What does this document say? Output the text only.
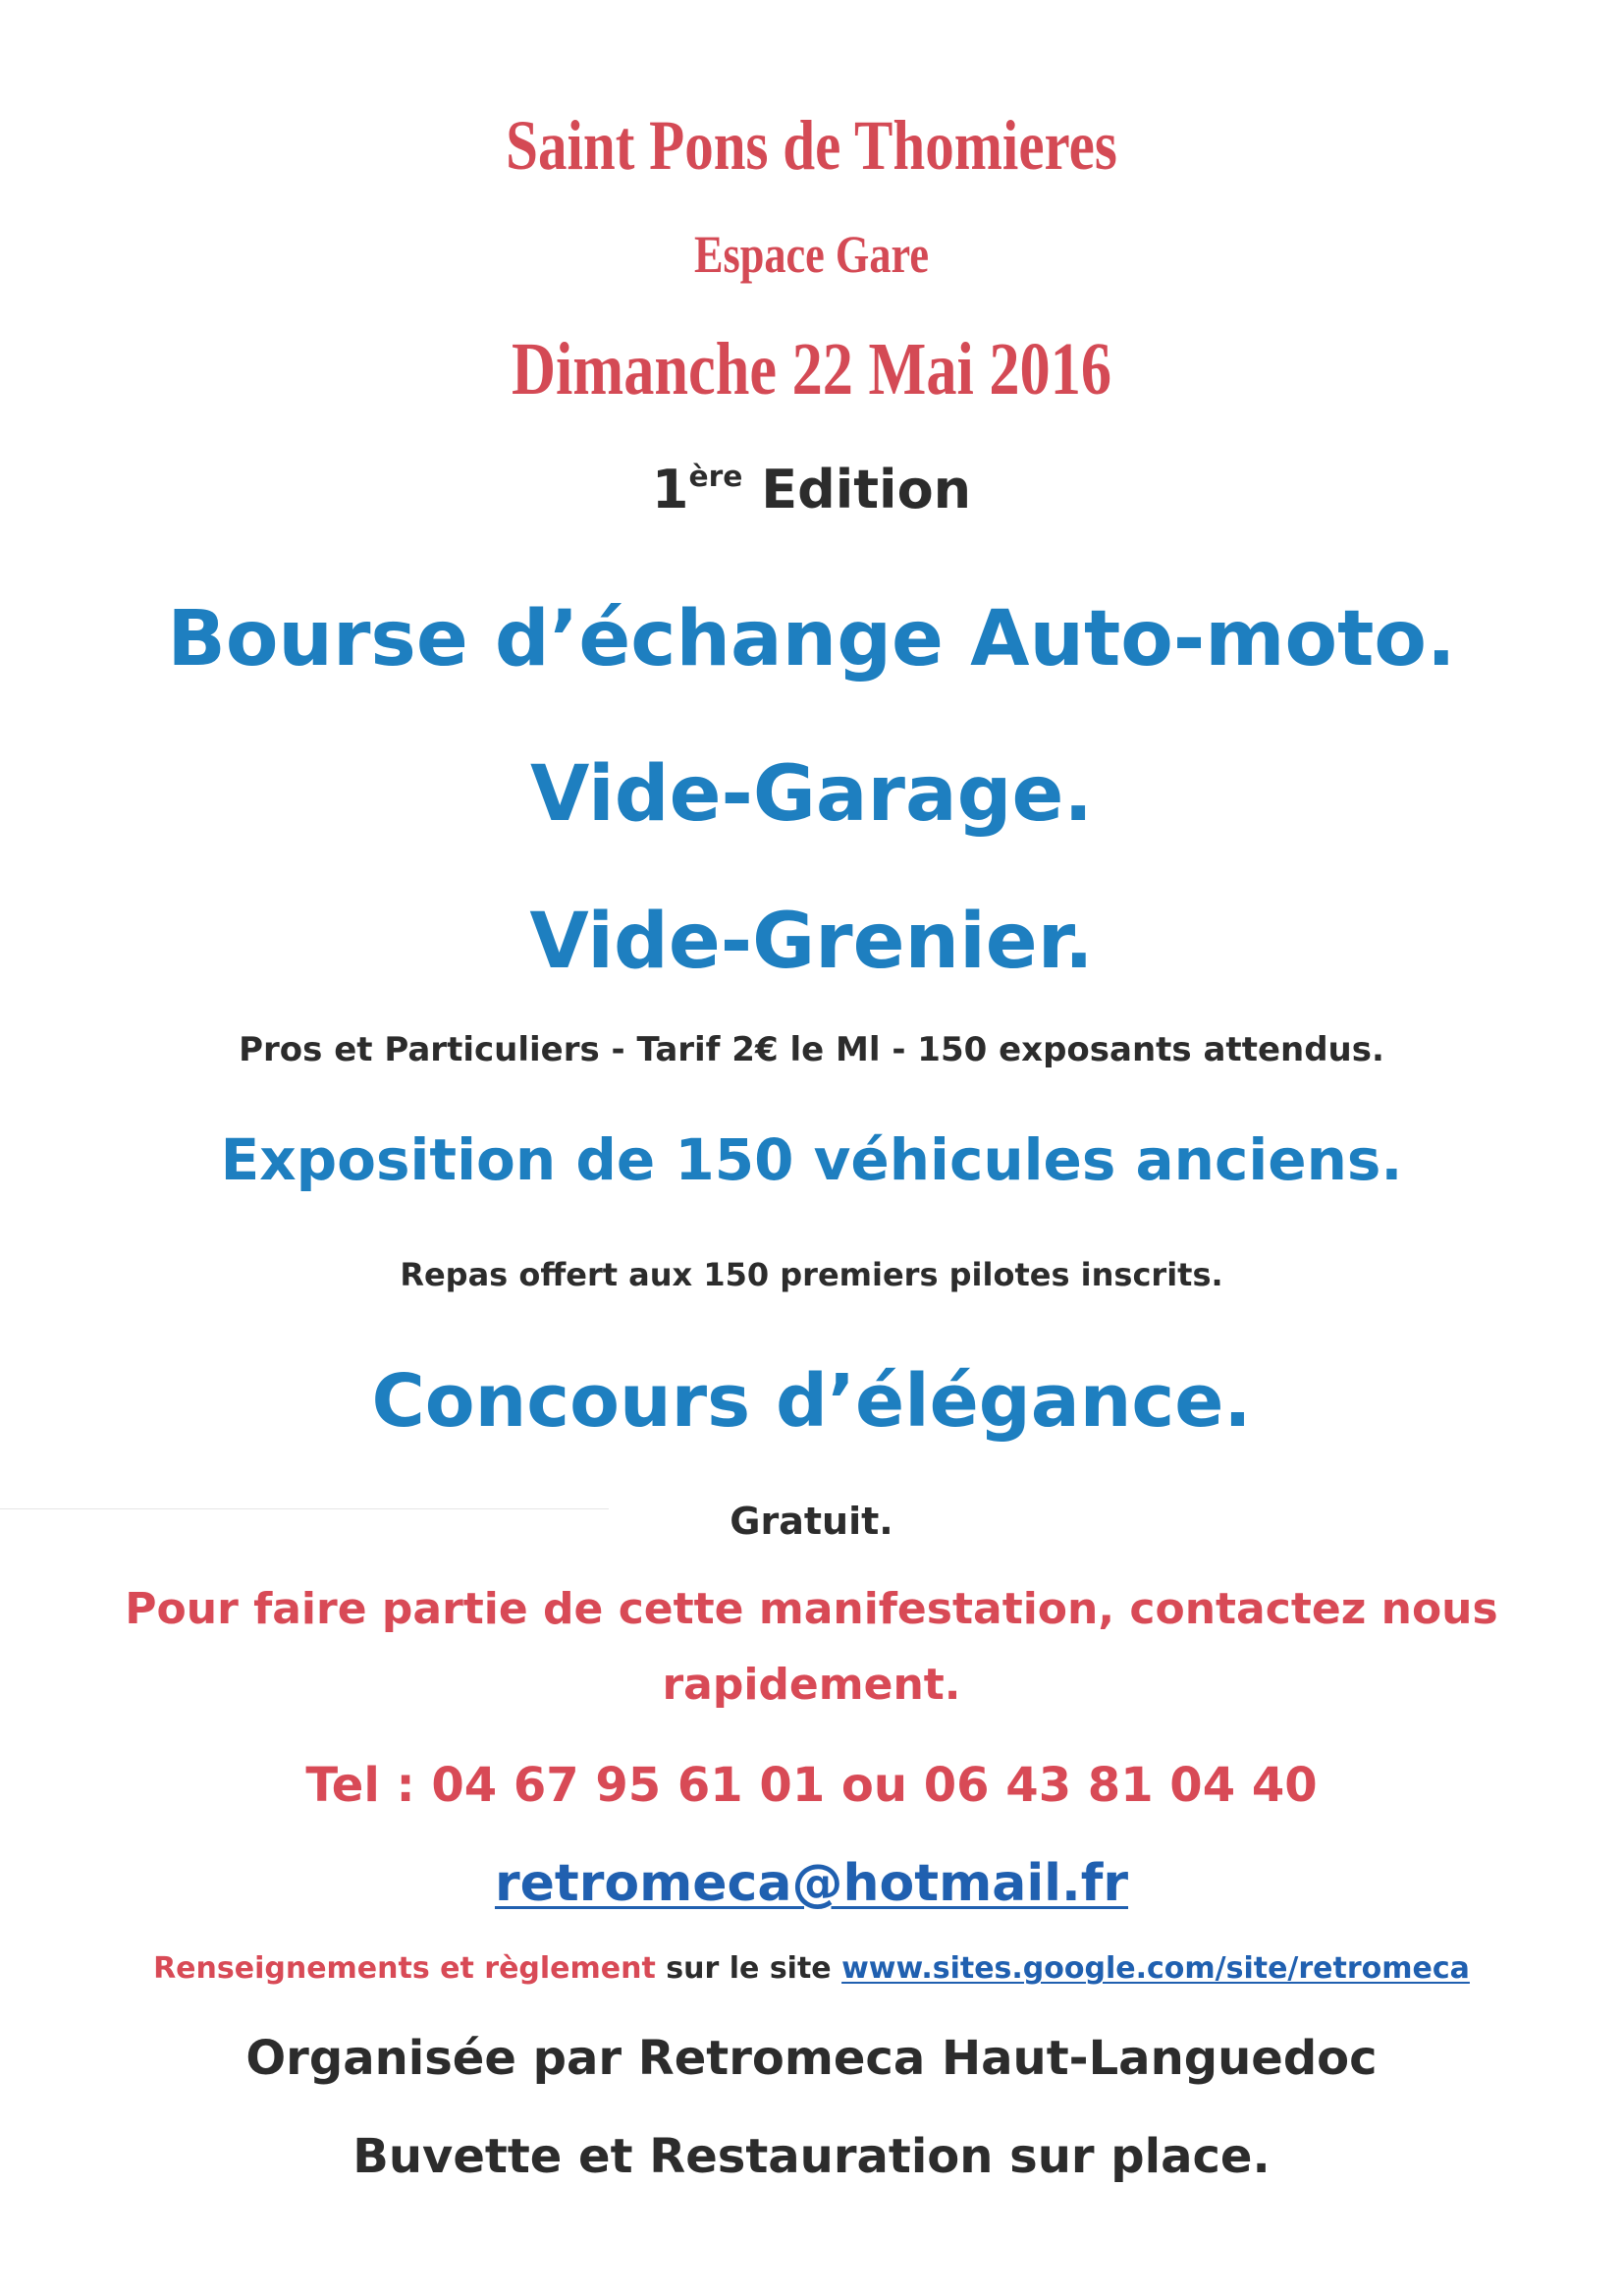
Saint Pons de Thomieres
Espace Gare
Dimanche 22 Mai 2016
1ère Edition
Bourse d’échange Auto-moto.
Vide-Garage.
Vide-Grenier.
Pros et Particuliers - Tarif 2€ le Ml - 150 exposants attendus.
Exposition de 150 véhicules anciens.
Repas offert aux 150 premiers pilotes inscrits.
Concours d’élégance.
Gratuit.
Pour faire partie de cette manifestation, contactez nous
rapidement.
Tel : 04 67 95 61 01 ou 06 43 81 04 40
retromeca@hotmail.fr
Renseignements et règlement sur le site www.sites.google.com/site/retromeca
Organisée par Retromeca Haut-Languedoc
Buvette et Restauration sur place.
